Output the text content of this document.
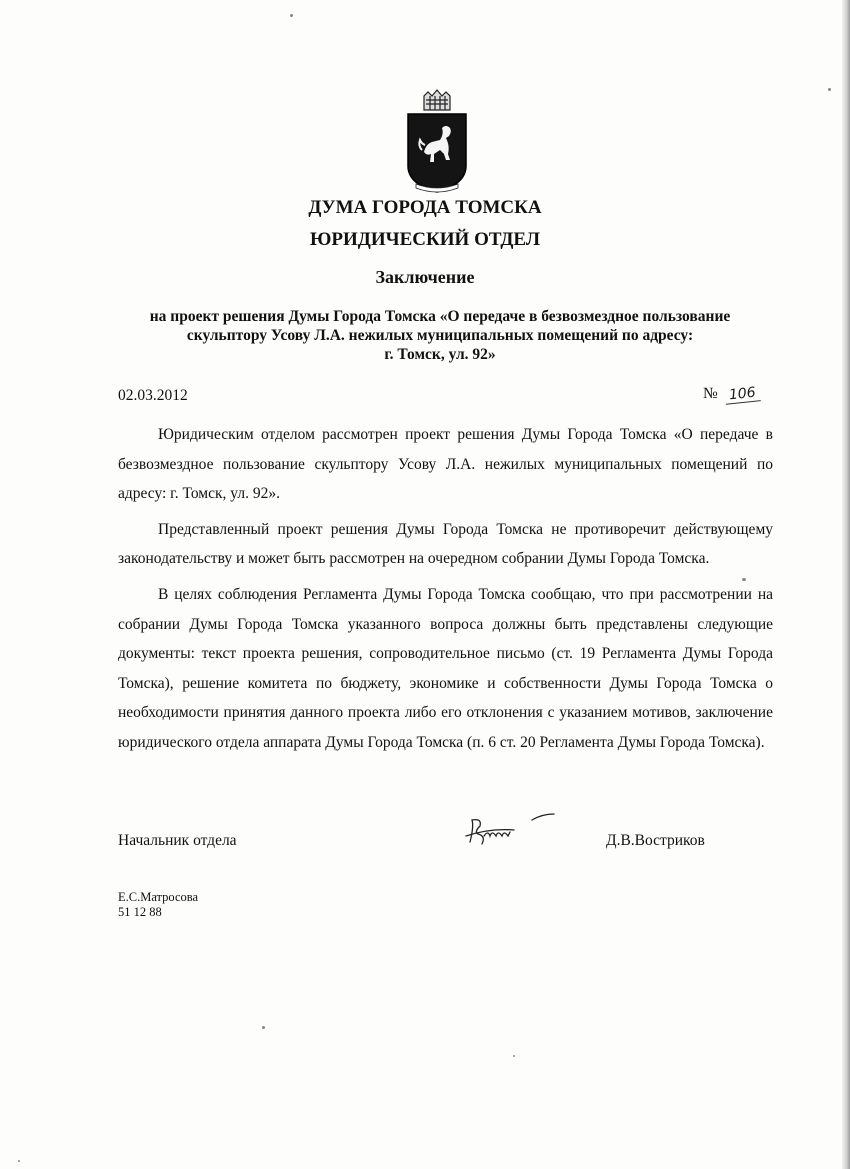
ДУМА ГОРОДА ТОМСКА
ЮРИДИЧЕСКИЙ ОТДЕЛ
Заключение
на проект решения Думы Города Томска «О передаче в безвозмездное пользование
скульптору Усову Л.А. нежилых муниципальных помещений по адресу:
г. Томск, ул. 92»
02.03.2012	№ 106

Юридическим отделом рассмотрен проект решения Думы Города Томска «О передаче в безвозмездное пользование скульптору Усову Л.А. нежилых муниципальных помещений по адресу: г. Томск, ул. 92».

Представленный проект решения Думы Города Томска не противоречит действующему законодательству и может быть рассмотрен на очередном собрании Думы Города Томска.

В целях соблюдения Регламента Думы Города Томска сообщаю, что при рассмотрении на собрании Думы Города Томска указанного вопроса должны быть представлены следующие документы: текст проекта решения, сопроводительное письмо (ст. 19 Регламента Думы Города Томска), решение комитета по бюджету, экономике и собственности Думы Города Томска о необходимости принятия данного проекта либо его отклонения с указанием мотивов, заключение юридического отдела аппарата Думы Города Томска (п. 6 ст. 20 Регламента Думы Города Томска).

Начальник отдела	Д.В.Востриков
Е.С.Матросова
51 12 88
